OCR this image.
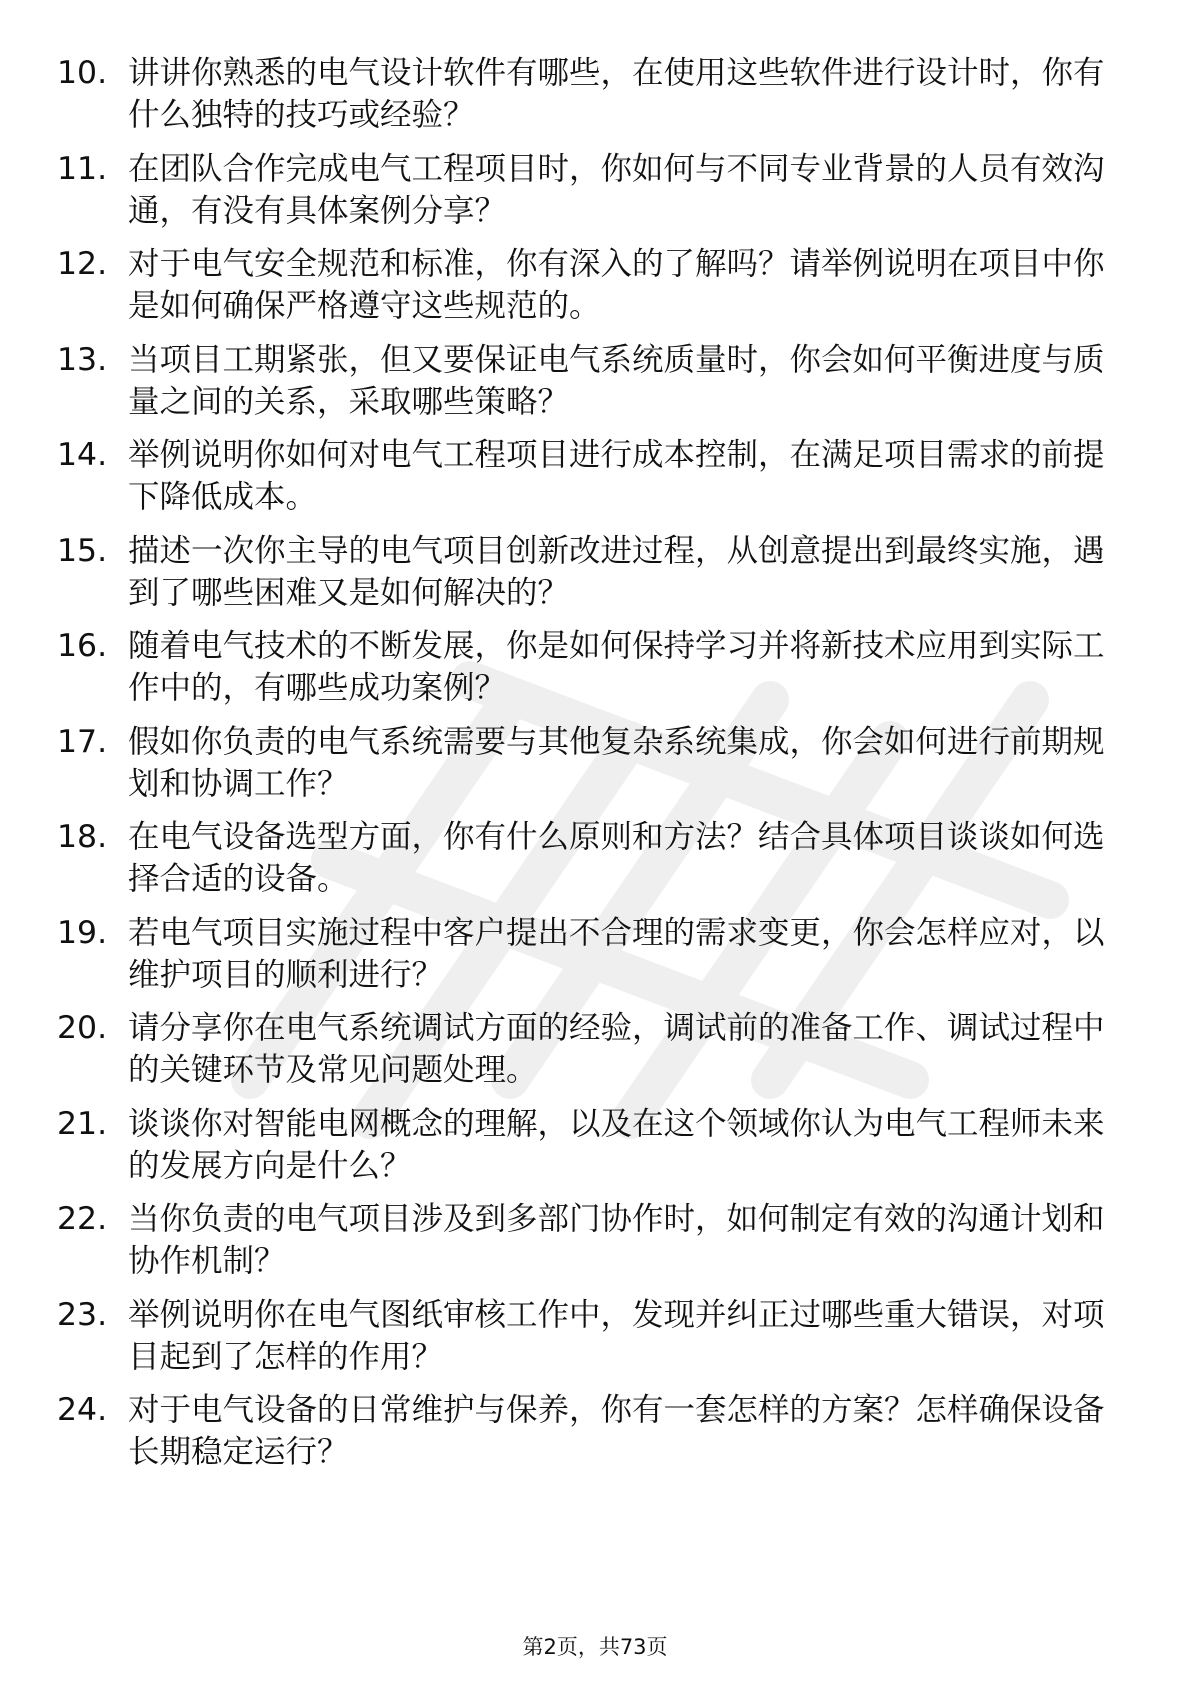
10. 讲讲你熟悉的电气设计软件有哪些，在使用这些软件进行设计时，你有什么独特的技巧或经验？
11. 在团队合作完成电气工程项目时，你如何与不同专业背景的人员有效沟通，有没有具体案例分享？
12. 对于电气安全规范和标准，你有深入的了解吗？请举例说明在项目中你是如何确保严格遵守这些规范的。
13. 当项目工期紧张，但又要保证电气系统质量时，你会如何平衡进度与质量之间的关系，采取哪些策略？
14. 举例说明你如何对电气工程项目进行成本控制，在满足项目需求的前提下降低成本。
15. 描述一次你主导的电气项目创新改进过程，从创意提出到最终实施，遇到了哪些困难又是如何解决的？
16. 随着电气技术的不断发展，你是如何保持学习并将新技术应用到实际工作中的，有哪些成功案例？
17. 假如你负责的电气系统需要与其他复杂系统集成，你会如何进行前期规划和协调工作？
18. 在电气设备选型方面，你有什么原则和方法？结合具体项目谈谈如何选择合适的设备。
19. 若电气项目实施过程中客户提出不合理的需求变更，你会怎样应对，以维护项目的顺利进行？
20. 请分享你在电气系统调试方面的经验，调试前的准备工作、调试过程中的关键环节及常见问题处理。
21. 谈谈你对智能电网概念的理解，以及在这个领域你认为电气工程师未来的发展方向是什么？
22. 当你负责的电气项目涉及到多部门协作时，如何制定有效的沟通计划和协作机制？
23. 举例说明你在电气图纸审核工作中，发现并纠正过哪些重大错误，对项目起到了怎样的作用？
24. 对于电气设备的日常维护与保养，你有一套怎样的方案？怎样确保设备长期稳定运行？
第2页，共73页
